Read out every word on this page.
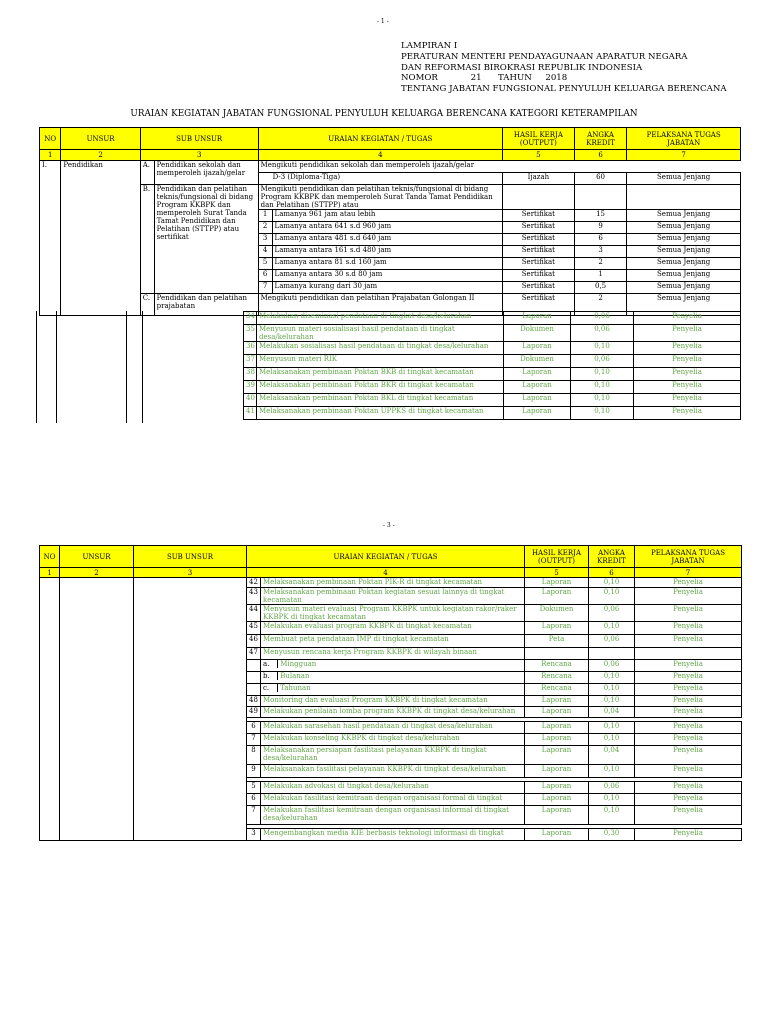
- 1 -
LAMPIRAN I
PERATURAN MENTERI PENDAYAGUNAAN APARATUR NEGARA
DAN REFORMASI BIROKRASI REPUBLIK INDONESIA
NOMOR            21      TAHUN     2018
TENTANG JABATAN FUNGSIONAL PENYULUH KELUARGA BERENCANA
URAIAN KEGIATAN JABATAN FUNGSIONAL PENYULUH KELUARGA BERENCANA KATEGORI KETERAMPILAN
NO	UNSUR	SUB UNSUR		URAIAN KEGIATAN / TUGAS		HASIL KERJA (OUTPUT)	ANGKA KREDIT	PELAKSANA TUGAS JABATAN
1	2	3		4		5	6	7
I.	Pendidikan	A.	Pendidikan sekolah dan memperoleh ijazah/gelar	Mengikuti pendidikan sekolah dan memperoleh ijazah/gelar				
				D-3 (Diploma-Tiga)		Ijazah	60	Semua Jenjang
		B.	Pendidikan dan pelatihan teknis/fungsional di bidang Program KKBPK dan memperoleh Surat Tanda Tamat Pendidikan dan Pelatihan (STTPP) atau sertifikat	Mengikuti pendidikan dan pelatihan teknis/fungsional di bidang Program KKBPK dan memperoleh Surat Tanda Tamat Pendidikan dan Pelatihan (STTPP) atau				
				1	Lamanya 961 jam atau lebih	Sertifikat	15	Semua Jenjang
				2	Lamanya antara 641 s.d 960 jam	Sertifikat	9	Semua Jenjang
				3	Lamanya antara 481 s.d 640 jam	Sertifikat	6	Semua Jenjang
				4	Lamanya antara 161 s.d 480 jam	Sertifikat	3	Semua Jenjang
				5	Lamanya antara 81 s.d 160 jam	Sertifikat	2	Semua Jenjang
				6	Lamanya antara 30 s.d 80 jam	Sertifikat	1	Semua Jenjang
				7	Lamanya kurang dari 30 jam	Sertifikat	0,5	Semua Jenjang
		C.	Pendidikan dan pelatihan prajabatan	Mengikuti pendidikan dan pelatihan Prajabatan Golongan II		Sertifikat	2	Semua Jenjang
34	Melakukan diseminasi pendataan di tingkat desa/kelurahan	Laporan	0,06	Penyelia
35	Menyusun materi sosialisasi hasil pendataan di tingkat desa/kelurahan	Dokumen	0,06	Penyelia
36	Melakukan sosialisasi hasil pendataan di tingkat desa/kelurahan	Laporan	0,10	Penyelia
37	Menyusun materi RIK	Dokumen	0,06	Penyelia
38	Melaksanakan pembinaan Poktan BKB di tingkat kecamatan	Laporan	0,10	Penyelia
39	Melaksanakan pembinaan Poktan BKR di tingkat kecamatan	Laporan	0,10	Penyelia
40	Melaksanakan pembinaan Poktan BKL di tingkat kecamatan	Laporan	0,10	Penyelia
41	Melaksanakan pembinaan Poktan UPPKS di tingkat kecamatan	Laporan	0,10	Penyelia
- 3 -
NO	UNSUR	SUB UNSUR	URAIAN KEGIATAN / TUGAS		HASIL KERJA (OUTPUT)	ANGKA KREDIT	PELAKSANA TUGAS JABATAN
1	2	3	4		5	6	7
			42	Melaksanakan pembinaan Poktan PIK-R di tingkat kecamatan	Laporan	0,10	Penyelia
			43	Melaksanakan pembinaan Poktan kegiatan sesuai lainnya di tingkat kecamatan	Laporan	0,10	Penyelia
			44	Menyusun materi evaluasi Program KKBPK untuk kegiatan rakor/raker KKBPK di tingkat kecamatan	Dokumen	0,06	Penyelia
			45	Melakukan evaluasi program KKBPK di tingkat kecamatan	Laporan	0,10	Penyelia
			46	Membuat peta pendataan IMP di tingkat kecamatan	Peta	0,06	Penyelia
			47	Menyusun rencana kerja Program KKBPK di wilayah binaan			
				a. Mingguan	Rencana	0,06	Penyelia
				b. Bulanan	Rencana	0,10	Penyelia
				c. Tahunan	Rencana	0,10	Penyelia
			48	Monitoring dan evaluasi Program KKBPK di tingkat kecamatan	Laporan	0,10	Penyelia
			49	Melakukan penilaian lomba program KKBPK di tingkat desa/kelurahan	Laporan	0,04	Penyelia

			6	Melakukan sarasehan hasil pendataan di tingkat desa/kelurahan	Laporan	0,10	Penyelia
			7	Melakukan konseling KKBPK di tingkat desa/kelurahan	Laporan	0,10	Penyelia
			8	Melaksanakan persiapan fasilitasi pelayanan KKBPK di tingkat desa/kelurahan	Laporan	0,04	Penyelia
			9	Melaksanakan fasilitasi pelayanan KKBPK di tingkat desa/kelurahan	Laporan	0,10	Penyelia

			5	Melakukan advokasi di tingkat desa/kelurahan	Laporan	0,06	Penyelia
			6	Melakukan fasilitasi kemitraan dengan organisasi formal di tingkat	Laporan	0,10	Penyelia
			7	Melakukan fasilitasi kemitraan dengan organisasi informal di tingkat desa/kelurahan	Laporan	0,10	Penyelia

			3	Mengembangkan media KIE berbasis teknologi informasi di tingkat	Laporan	0,30	Penyelia
